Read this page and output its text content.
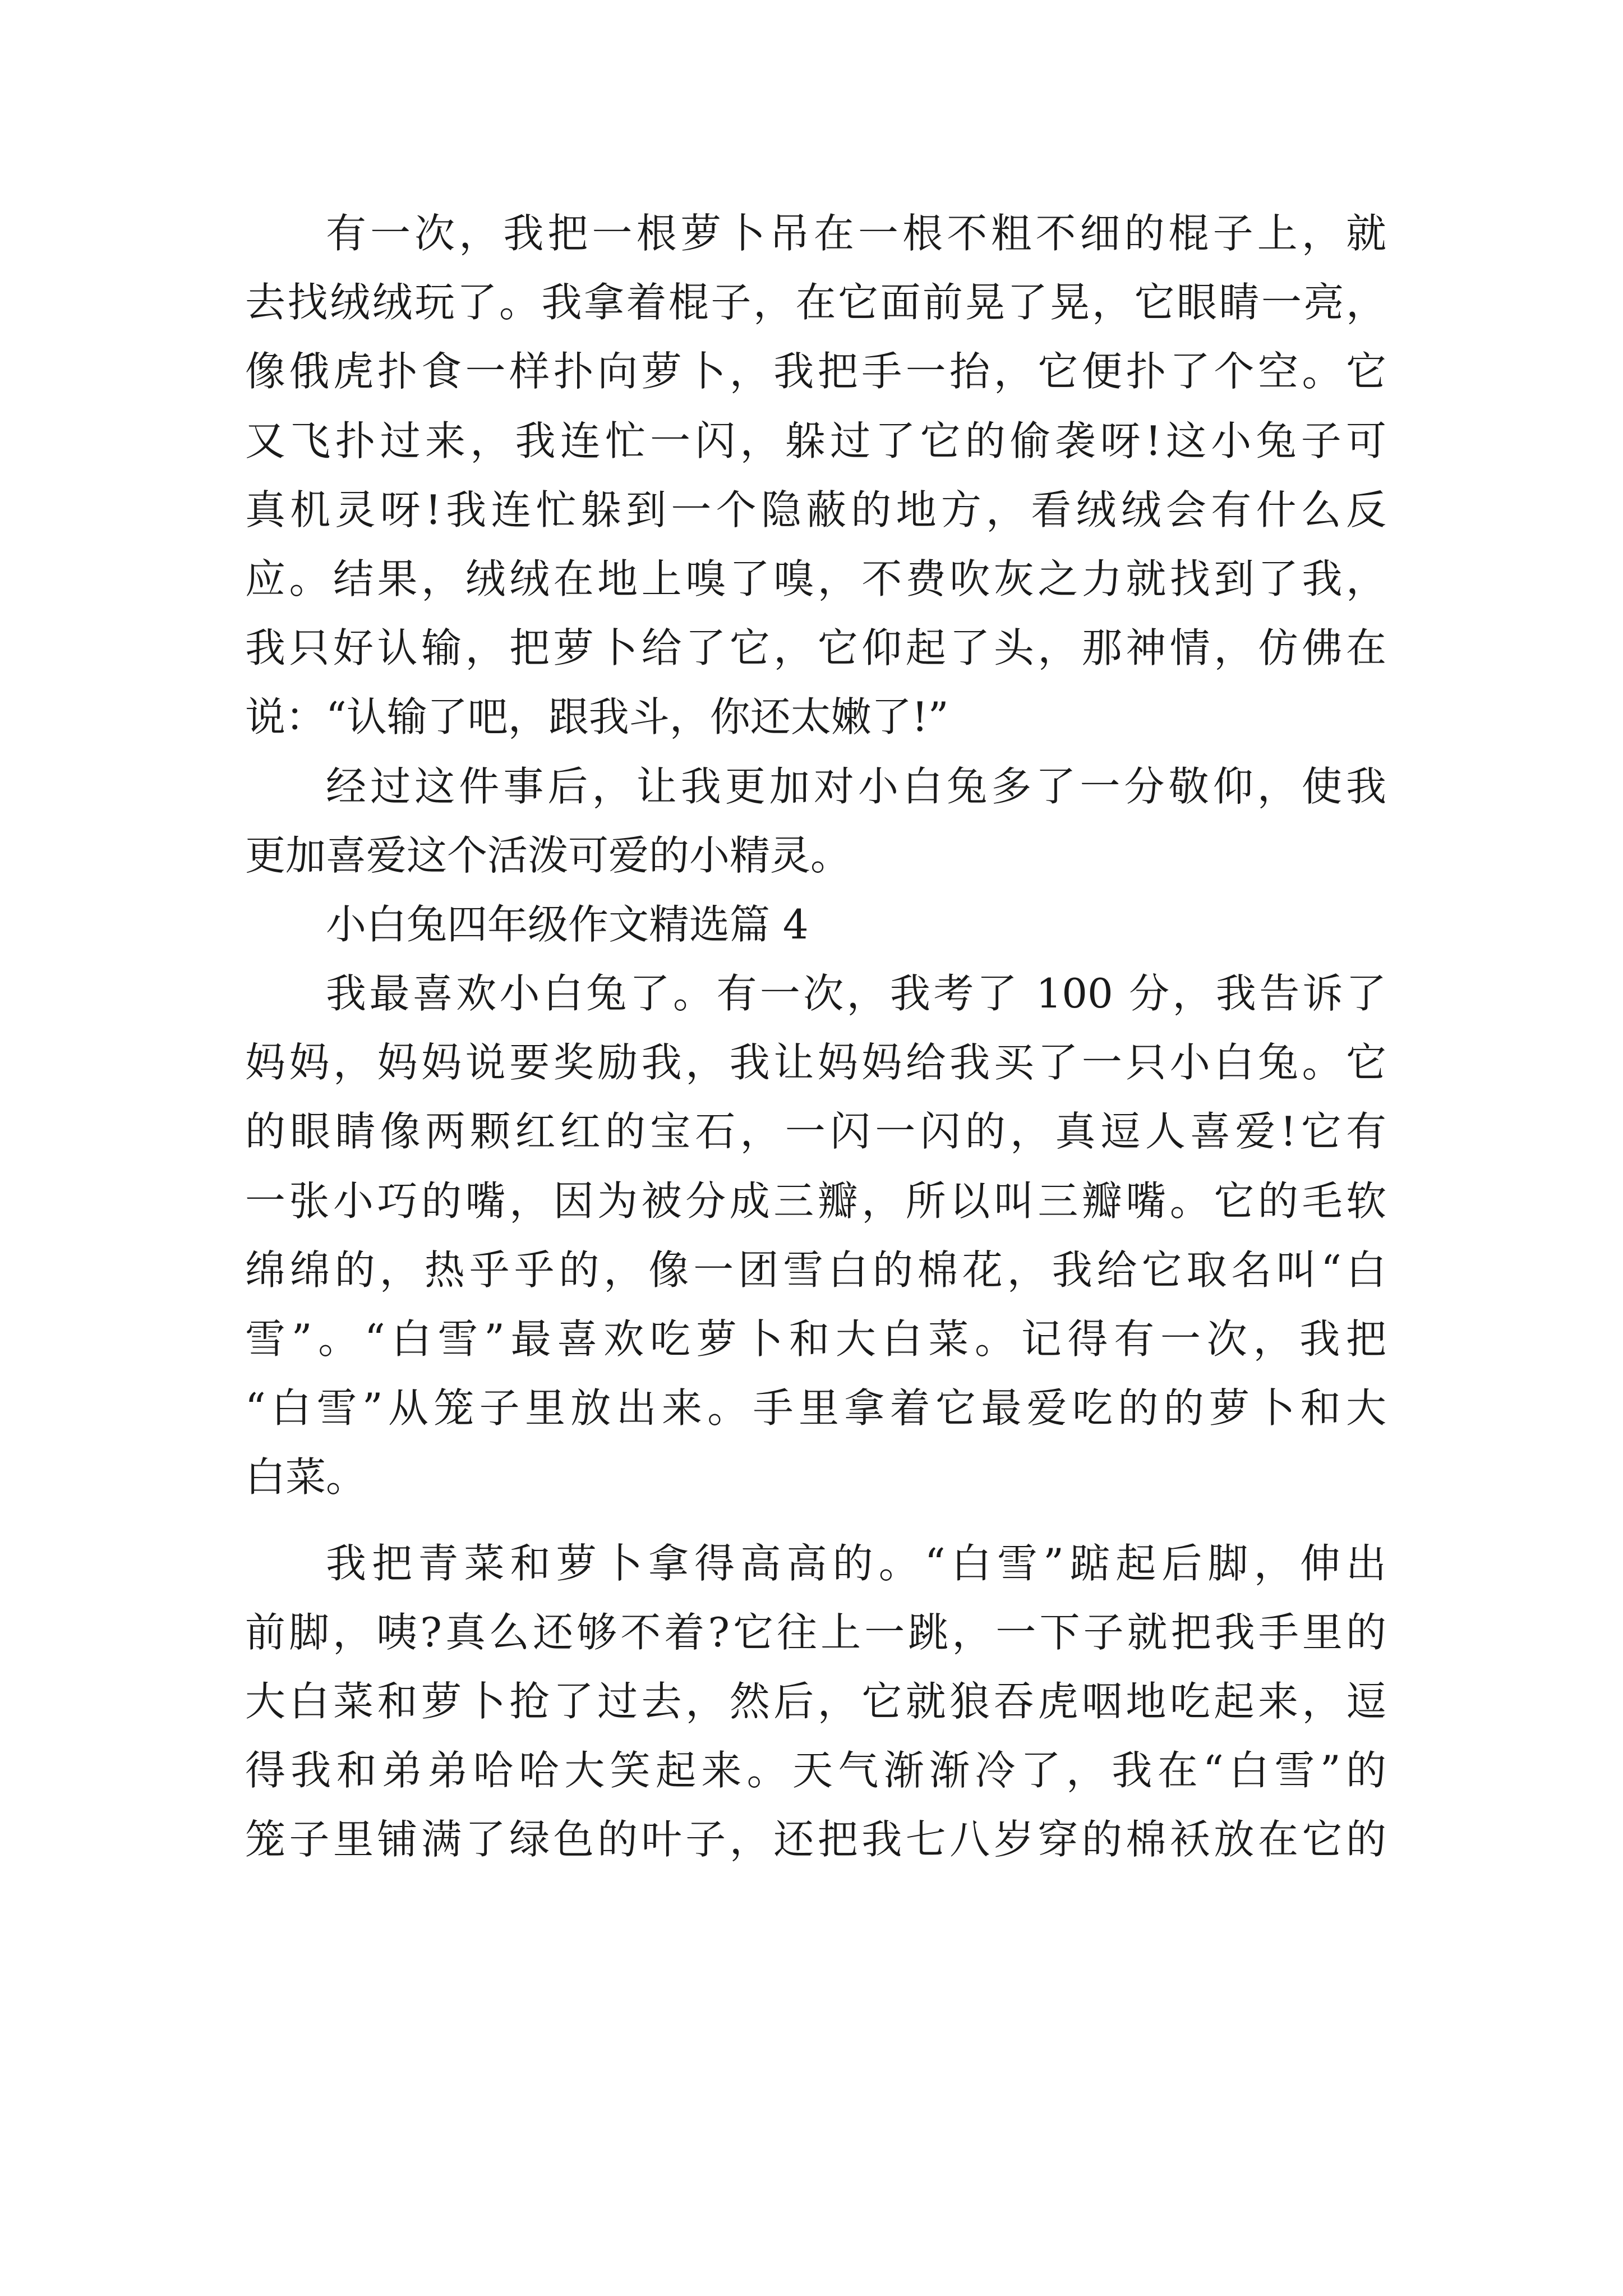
有一次，我把一根萝卜吊在一根不粗不细的棍子上，就
去找绒绒玩了。我拿着棍子，在它面前晃了晃，它眼睛一亮，
像俄虎扑食一样扑向萝卜，我把手一抬，它便扑了个空。它
又飞扑过来，我连忙一闪，躲过了它的偷袭呀!这小兔子可
真机灵呀!我连忙躲到一个隐蔽的地方，看绒绒会有什么反
应。结果，绒绒在地上嗅了嗅，不费吹灰之力就找到了我，
我只好认输，把萝卜给了它，它仰起了头，那神情，仿佛在
说：“认输了吧，跟我斗，你还太嫩了!”
经过这件事后，让我更加对小白兔多了一分敬仰，使我
更加喜爱这个活泼可爱的小精灵。
小白兔四年级作文精选篇 4
我最喜欢小白兔了。有一次，我考了 100 分，我告诉了
妈妈，妈妈说要奖励我，我让妈妈给我买了一只小白兔。它
的眼睛像两颗红红的宝石，一闪一闪的，真逗人喜爱!它有
一张小巧的嘴，因为被分成三瓣，所以叫三瓣嘴。它的毛软
绵绵的，热乎乎的，像一团雪白的棉花，我给它取名叫“白
雪”。“白雪”最喜欢吃萝卜和大白菜。记得有一次，我把
“白雪”从笼子里放出来。手里拿着它最爱吃的的萝卜和大
白菜。
我把青菜和萝卜拿得高高的。“白雪”踮起后脚，伸出
前脚，咦?真么还够不着?它往上一跳，一下子就把我手里的
大白菜和萝卜抢了过去，然后，它就狼吞虎咽地吃起来，逗
得我和弟弟哈哈大笑起来。天气渐渐冷了，我在“白雪”的
笼子里铺满了绿色的叶子，还把我七八岁穿的棉袄放在它的
